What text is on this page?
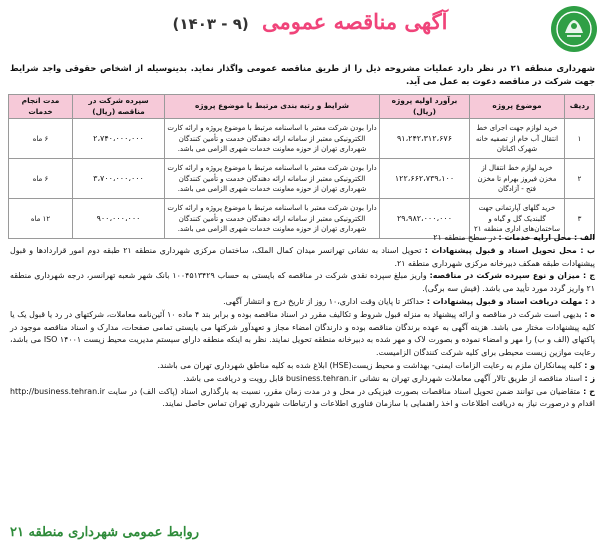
آگهی مناقصه عمومی (۹ - ۱۴۰۳)
شهرداری منطقه ۲۱ در نظر دارد عملیات مشروحه ذیل را از طریق مناقصه عمومی واگذار نماید. بدینوسیله از اشخاص حقوقی واجد شرایط جهت شرکت در مناقصه دعوت به عمل می آید.
ردیف	موضوع پروژه	برآورد اولیه پروژه (ریال)	شرایط و رتبه بندی مرتبط با موضوع پروژه	سپرده شرکت در مناقصه (ریال)	مدت انجام خدمات
۱	خرید لوازم جهت اجرای خط انتقال آب خام از تصفیه خانه شهرک اکباتان	۹۱،۲۴۲،۳۱۲،۶۷۶	دارا بودن شرکت معتبر با اساسنامه مرتبط با موضوع پروژه و ارائه کارت الکترونیکی معتبر از سامانه ارائه دهندگان خدمت و تأمین کنندگان شهرداری تهران از حوزه معاونت خدمات شهری الزامی می باشد.	۲،۷۴۰،۰۰۰،۰۰۰	۶ ماه
۲	خرید لوازم خط انتقال از مخزن فیروز بهرام تا مخزن فتح - آزادگان	۱۲۲،۶۶۲،۷۳۹،۱۰۰	دارا بودن شرکت معتبر با اساسنامه مرتبط با موضوع پروژه و ارائه کارت الکترونیکی معتبر از سامانه ارائه دهندگان خدمت و تأمین کنندگان شهرداری تهران از حوزه معاونت خدمات شهری الزامی می باشد.	۳،۷۰۰،۰۰۰،۰۰۰	۶ ماه
۳	خرید گلهای آپارتمانی جهت گلبندیک گل و گیاه و ساختمان‌های اداری منطقه ۲۱	۲۹،۹۸۲،۰۰۰،۰۰۰	دارا بودن شرکت معتبر با اساسنامه مرتبط با موضوع پروژه و ارائه کارت الکترونیکی معتبر از سامانه ارائه دهندگان خدمت و تأمین کنندگان شهرداری تهران از حوزه معاونت خدمات شهری الزامی می باشد.	۹۰۰،۰۰۰،۰۰۰	۱۲ ماه

الف : محل ارایه خدمات : در سطح منطقه ۲۱

ب : محل تحویل اسناد و قبول پیشنهادات : تحویل اسناد به نشانی تهرانسر میدان کمال الملک، ساختمان مرکزی شهرداری منطقه ۲۱ طبقه دوم امور قراردادها و قبول پیشنهادات طبقه همکف دبیرخانه مرکزی شهرداری منطقه ۲۱.

ج : میزان و نوع سپرده شرکت در مناقصه: واریز مبلغ سپرده نقدی شرکت در مناقصه که بایستی به حساب ۱۰۰۴۵۱۳۴۲۹ بانک شهر شعبه تهرانسر، درجه شهرداری منطقه ۲۱ واریز گردد مورد تأیید می باشد. (فیش سه برگی).

د : مهلت دریافت اسناد و قبول پیشنهادات : حداکثر تا پایان وقت اداری،۱۰ روز از تاریخ درج و انتشار آگهی.

ه : بدیهی است شرکت در مناقصه و ارائه پیشنهاد به منزله قبول شروط و تکالیف مقرر در اسناد مناقصه بوده و برابر بند ۴ ماده ۱۰ آئین‌نامه معاملات، شرکتهای در رد یا قبول یک یا کلیه پیشنهادات مختار می باشد. هزینه آگهی به عهده برندگان مناقصه بوده و دارندگان امضاء مجاز و تعهدآور شرکتها می بایستی تمامی صفحات، مدارک و اسناد مناقصه موجود در پاکتهای (الف و ب) را مهر و امضاء نموده و بصورت لاک و مهر شده به دبیرخانه منطقه تحویل نمایند. نظر به اینکه منطقه دارای سیستم مدیریت محیط زیست ISO ۱۴۰۰۱ می باشد، رعایت موازین زیست محیطی برای کلیه شرکت کنندگان الزامیست.

و : کلیه پیمانکاران ملزم به رعایت الزامات ایمنی- بهداشت و محیط زیست(HSE) ابلاغ شده به کلیه مناطق شهرداری تهران می باشند.

ز : اسناد مناقصه از طریق تالار آگهی معاملات شهرداری تهران به نشانی business.tehran.ir قابل رویت و دریافت می باشد.

ح : متقاضیان می توانند ضمن تحویل اسناد مناقصات بصورت فیزیکی در محل و در مدت زمان مقرر، نسبت به بارگذاری اسناد (پاکت الف) در سایت http://business.tehran.ir اقدام و درصورت نیاز به دریافت اطلاعات و اخذ راهنمایی با سازمان فناوری اطلاعات و ارتباطات شهرداری تهران تماس حاصل نمایند.

روابط عمومی شهرداری منطقه ۲۱
